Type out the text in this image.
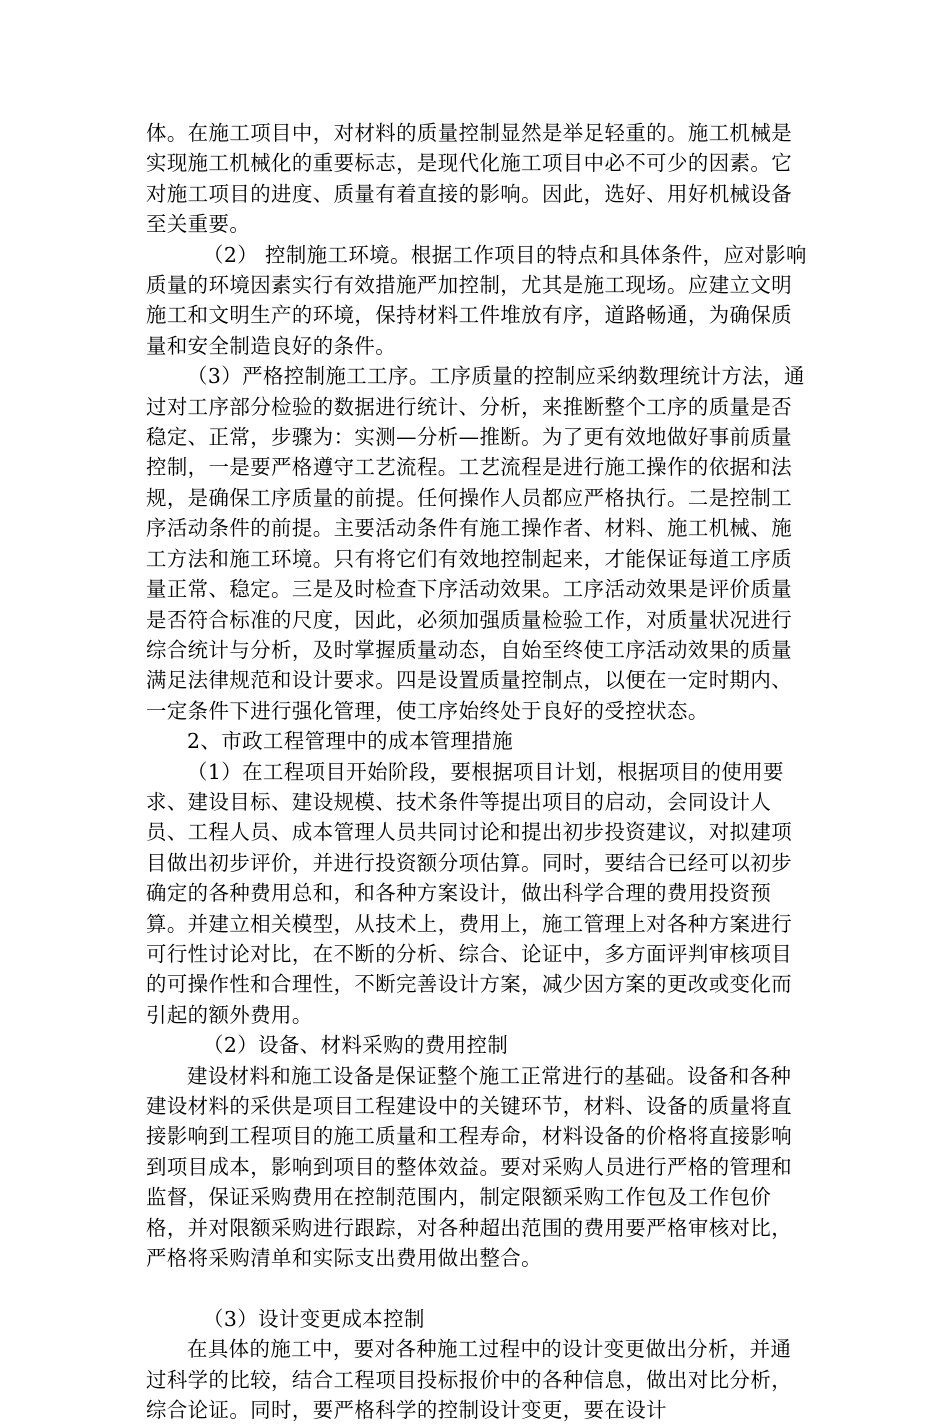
体。在施工项目中，对材料的质量控制显然是举足轻重的。施工机械是实现施工机械化的重要标志，是现代化施工项目中必不可少的因素。它对施工项目的进度、质量有着直接的影响。因此，选好、用好机械设备至关重要。

（2） 控制施工环境。根据工作项目的特点和具体条件，应对影响质量的环境因素实行有效措施严加控制，尤其是施工现场。应建立文明施工和文明生产的环境，保持材料工件堆放有序，道路畅通，为确保质量和安全制造良好的条件。

（3）严格控制施工工序。工序质量的控制应采纳数理统计方法，通过对工序部分检验的数据进行统计、分析，来推断整个工序的质量是否稳定、正常，步骤为：实测—分析—推断。为了更有效地做好事前质量控制，一是要严格遵守工艺流程。工艺流程是进行施工操作的依据和法规，是确保工序质量的前提。任何操作人员都应严格执行。二是控制工序活动条件的前提。主要活动条件有施工操作者、材料、施工机械、施工方法和施工环境。只有将它们有效地控制起来，才能保证每道工序质量正常、稳定。三是及时检查下序活动效果。工序活动效果是评价质量是否符合标准的尺度，因此，必须加强质量检验工作，对质量状况进行综合统计与分析，及时掌握质量动态，自始至终使工序活动效果的质量满足法律规范和设计要求。四是设置质量控制点，以便在一定时期内、一定条件下进行强化管理，使工序始终处于良好的受控状态。

2、市政工程管理中的成本管理措施

（1）在工程项目开始阶段，要根据项目计划，根据项目的使用要求、建设目标、建设规模、技术条件等提出项目的启动，会同设计人员、工程人员、成本管理人员共同讨论和提出初步投资建议，对拟建项目做出初步评价，并进行投资额分项估算。同时，要结合已经可以初步确定的各种费用总和，和各种方案设计，做出科学合理的费用投资预算。并建立相关模型，从技术上，费用上，施工管理上对各种方案进行可行性讨论对比，在不断的分析、综合、论证中，多方面评判审核项目的可操作性和合理性，不断完善设计方案，减少因方案的更改或变化而引起的额外费用。

（2）设备、材料采购的费用控制

建设材料和施工设备是保证整个施工正常进行的基础。设备和各种建设材料的采供是项目工程建设中的关键环节，材料、设备的质量将直接影响到工程项目的施工质量和工程寿命，材料设备的价格将直接影响到项目成本，影响到项目的整体效益。要对采购人员进行严格的管理和监督，保证采购费用在控制范围内，制定限额采购工作包及工作包价格，并对限额采购进行跟踪，对各种超出范围的费用要严格审核对比，严格将采购清单和实际支出费用做出整合。

（3）设计变更成本控制

在具体的施工中，要对各种施工过程中的设计变更做出分析，并通过科学的比较，结合工程项目投标报价中的各种信息，做出对比分析，综合论证。同时，要严格科学的控制设计变更，要在设计
